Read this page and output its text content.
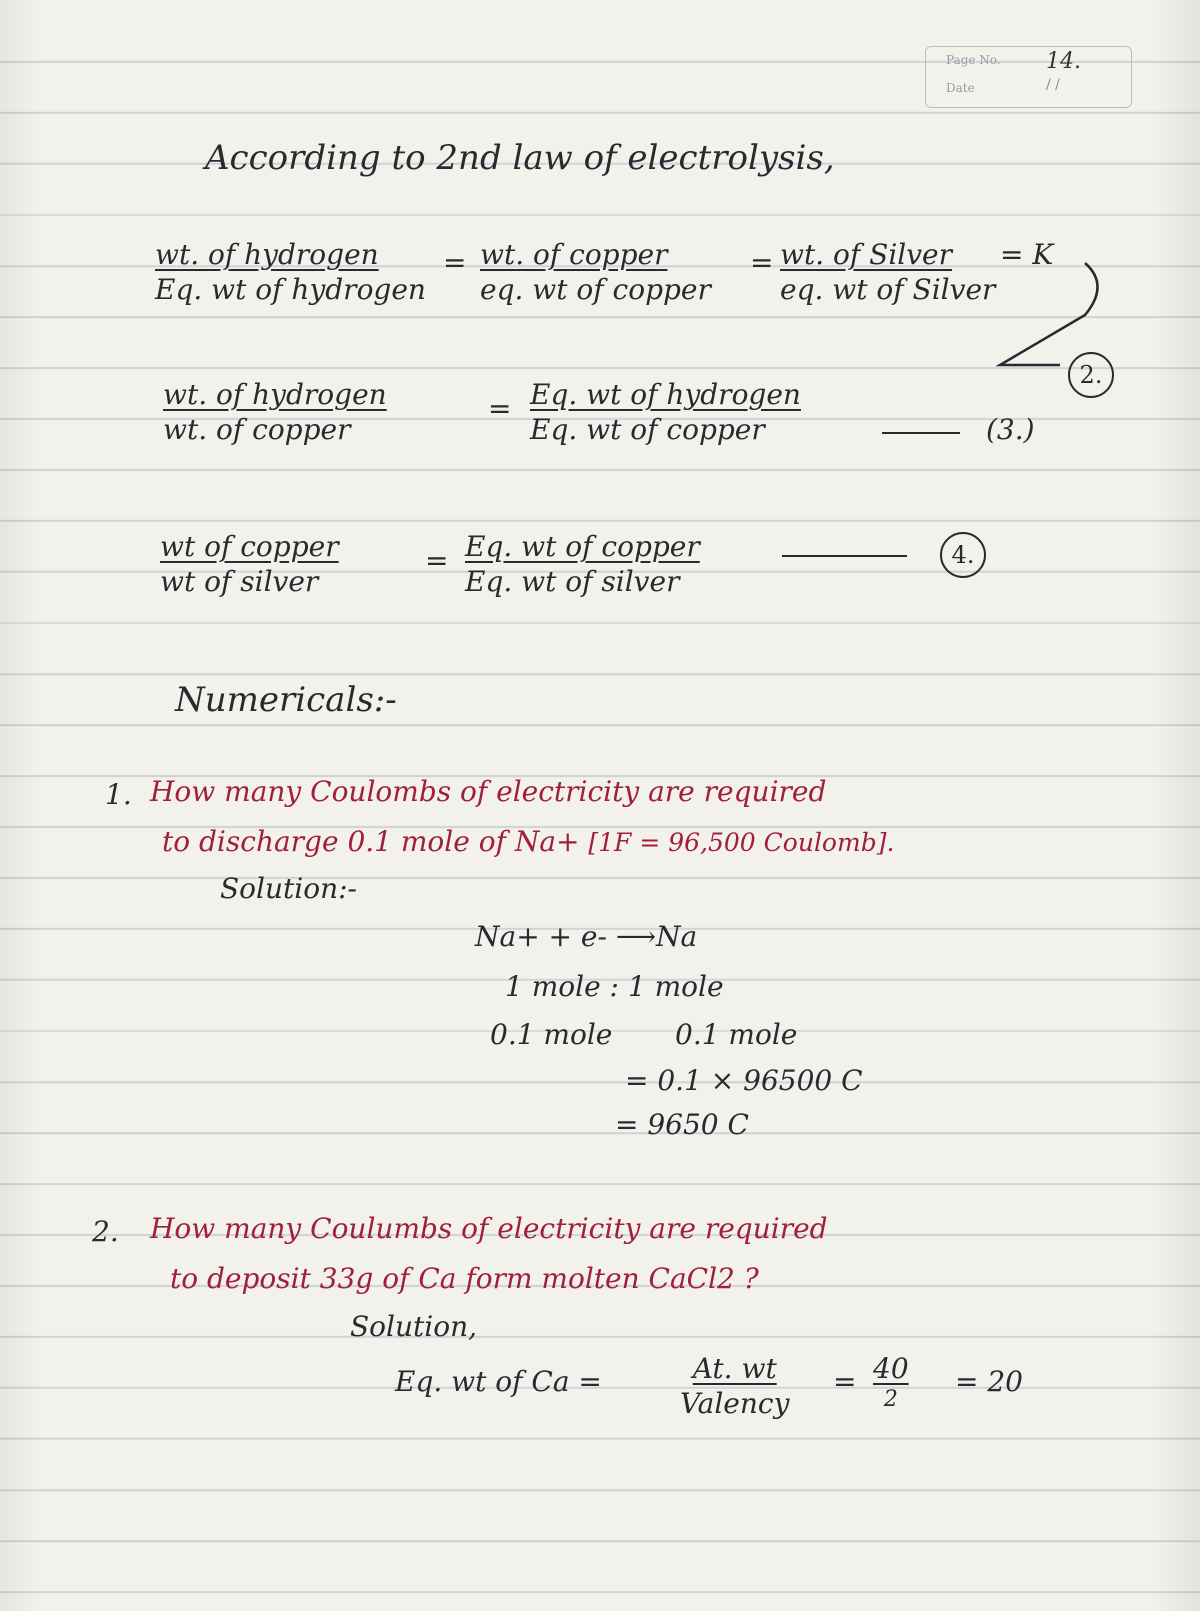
Page No.
Date
14.
/ /
According to 2nd law of electrolysis,
wt. of hydrogen
Eq. wt of hydrogen
= wt. of copper
eq. wt of copper
= wt. of Silver
eq. wt of Silver
= K
2.
wt. of hydrogen
wt. of copper
= Eq. wt of hydrogen
Eq. wt of copper	(3.)
wt of copper
wt of silver
= Eq. wt of copper
Eq. wt of silver
4.
Numericals:-
1. How many Coulombs of electricity are required
to discharge 0.1 mole of Na+ [1F = 96,500 Coulomb].
Solution:-
Na+ + e- ⟶Na
1 mole : 1 mole
0.1 mole 0.1 mole
= 0.1 × 96500 C
= 9650 C
2. How many Coulumbs of electricity are required
to deposit 33g of Ca form molten CaCl2 ?
Solution,
Eq. wt of Ca =	At. wt
Valency
= 40
2
= 20
